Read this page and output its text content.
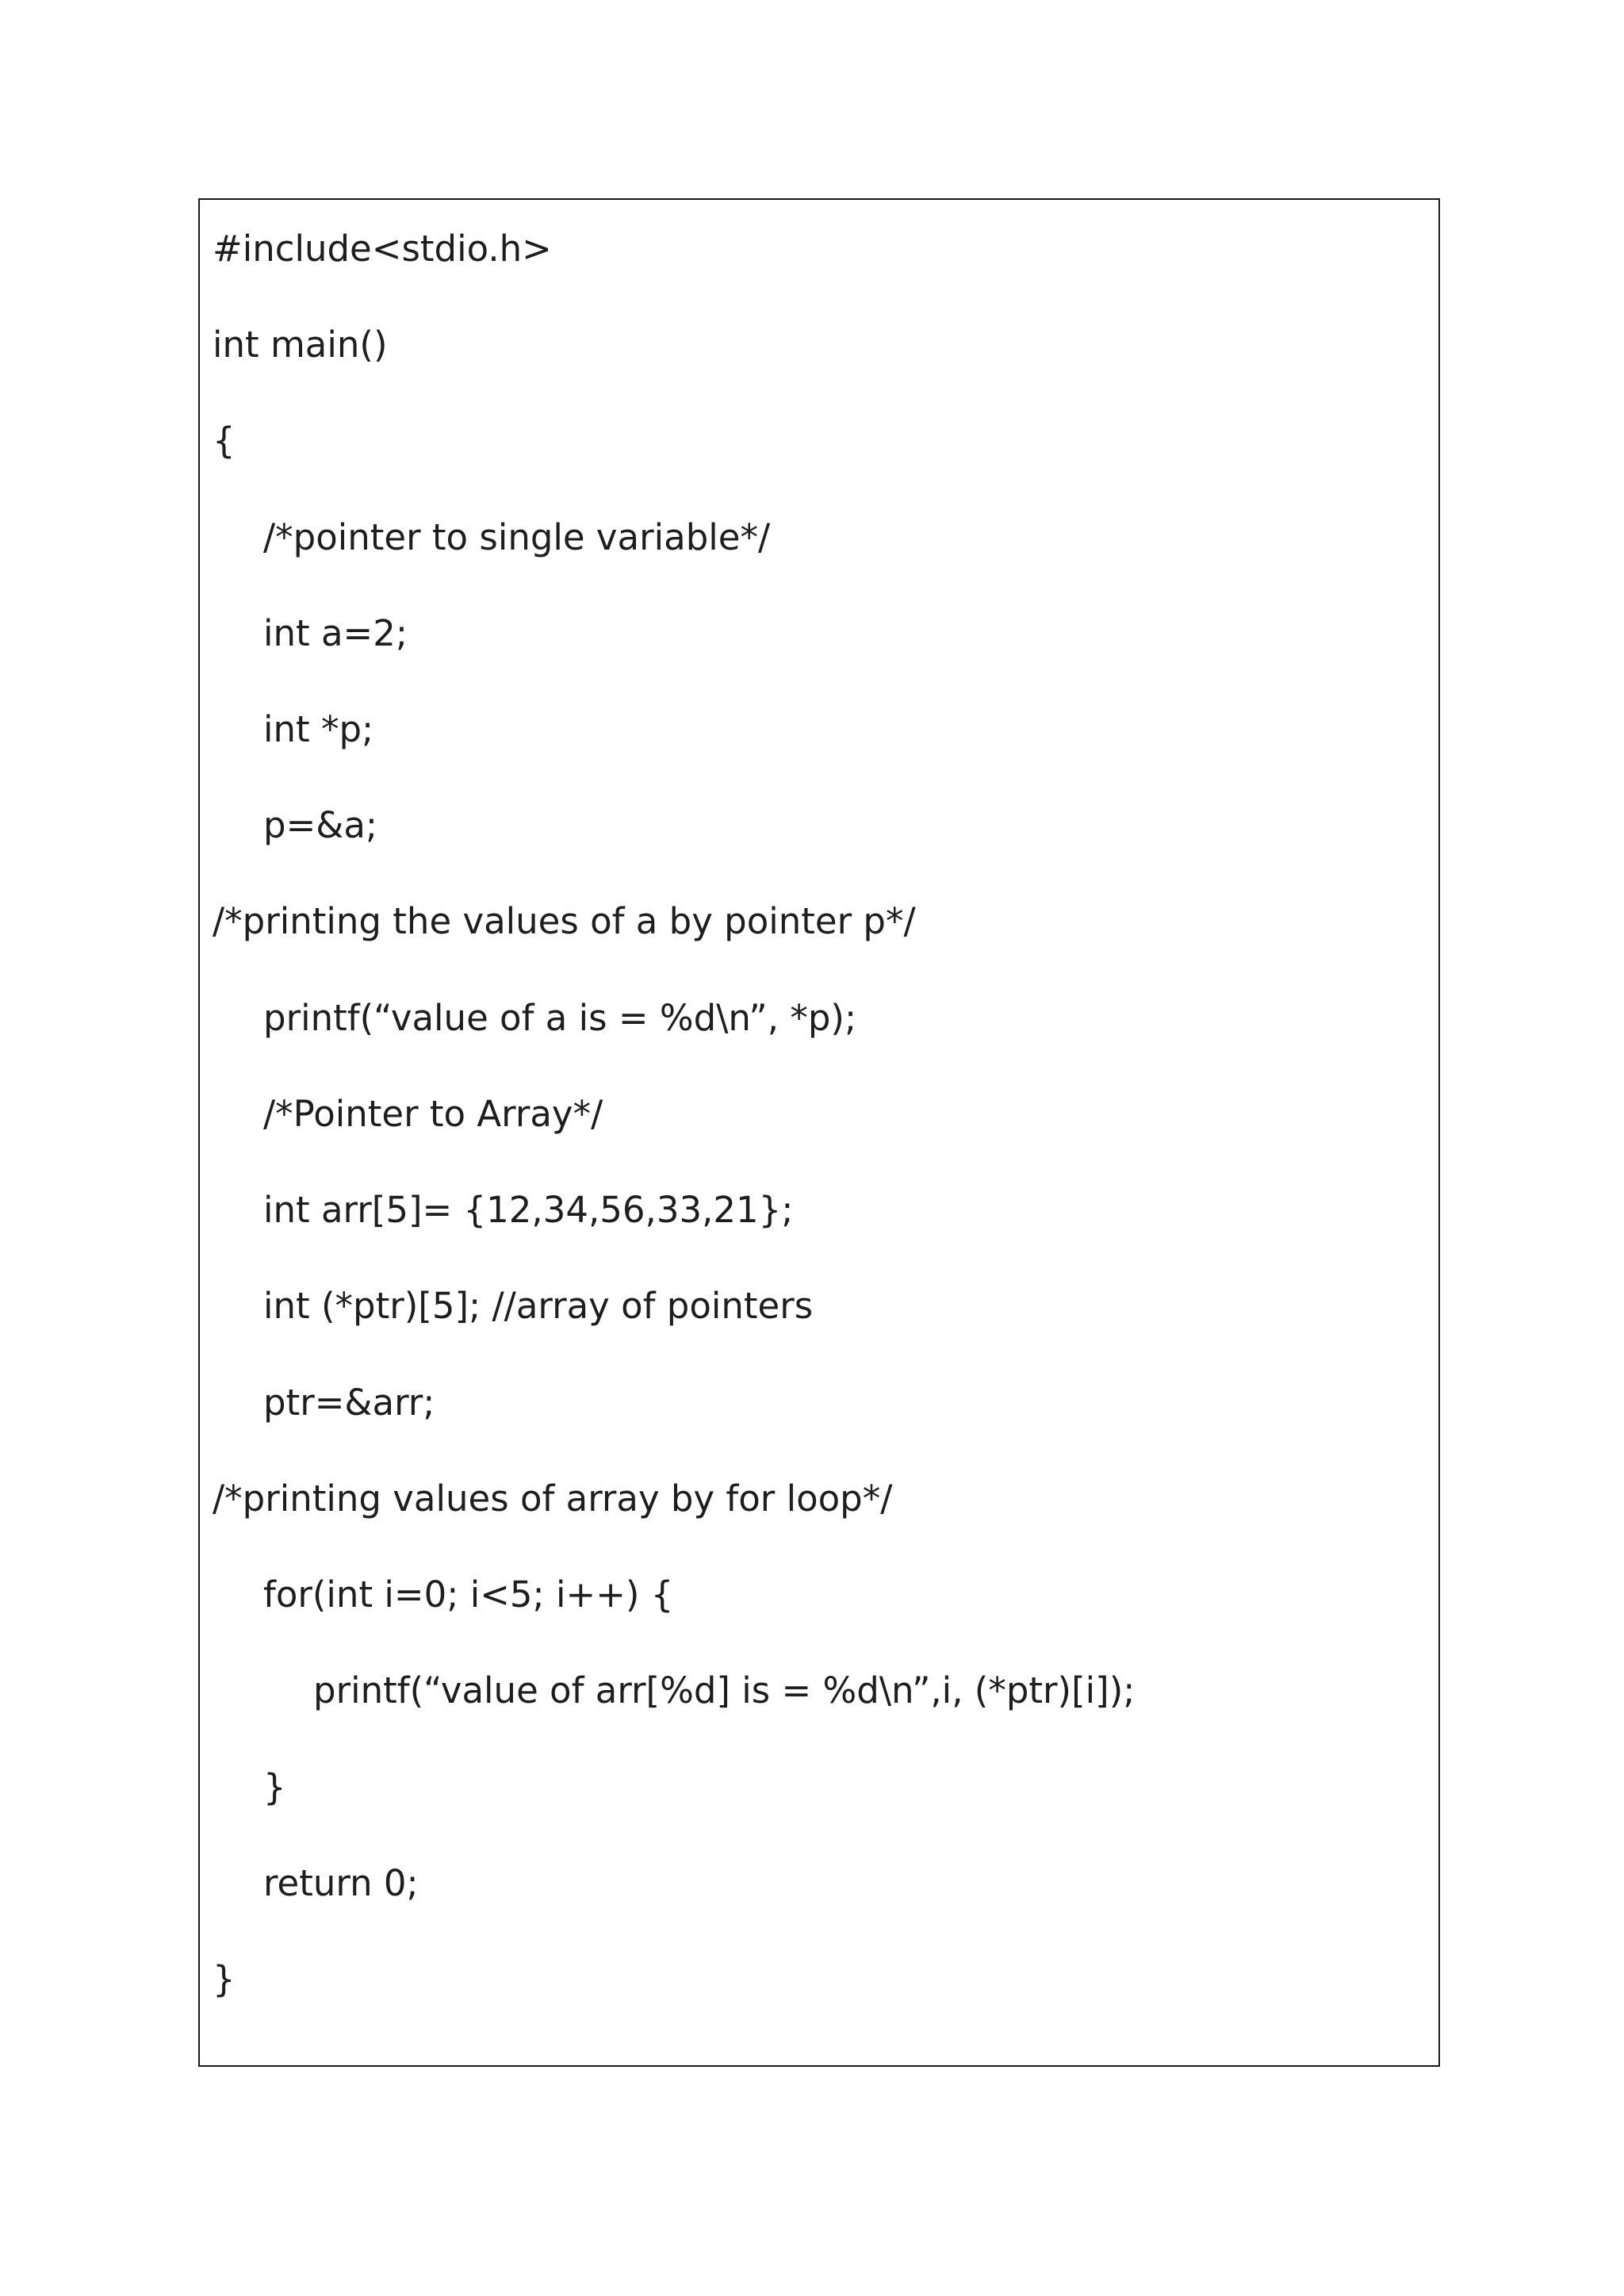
#include<stdio.h>
int main()
{
/*pointer to single variable*/
int a=2;
int *p;
p=&a;
/*printing the values of a by pointer p*/
printf(“value of a is = %d\n”, *p);
/*Pointer to Array*/
int arr[5]= {12,34,56,33,21};
int (*ptr)[5]; //array of pointers
ptr=&arr;
/*printing values of array by for loop*/
for(int i=0; i<5; i++) {
printf(“value of arr[%d] is = %d\n”,i, (*ptr)[i]);
}
return 0;
}
